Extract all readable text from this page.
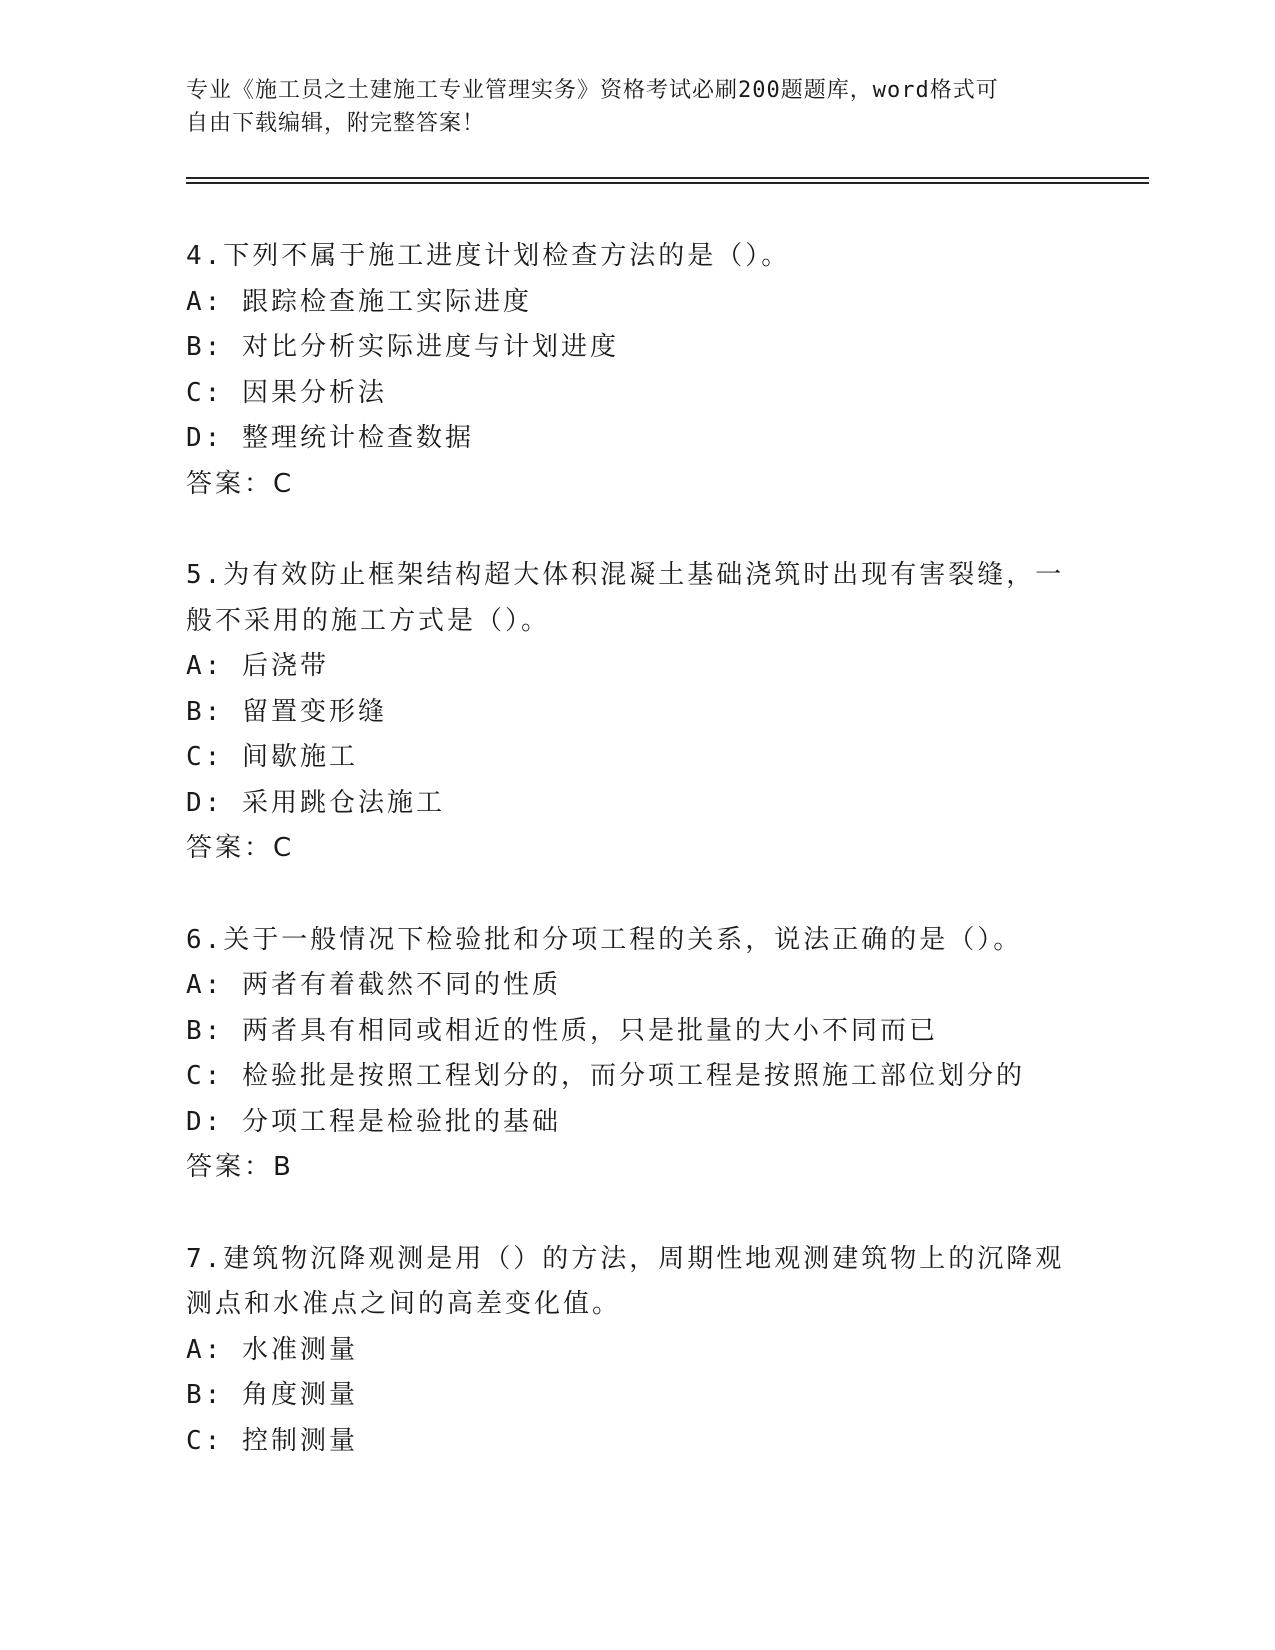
专业《施工员之土建施工专业管理实务》资格考试必刷200题题库，word格式可
自由下载编辑，附完整答案！
4.下列不属于施工进度计划检查方法的是（）。
A: 跟踪检查施工实际进度
B: 对比分析实际进度与计划进度
C: 因果分析法
D: 整理统计检查数据
答案：C
5.为有效防止框架结构超大体积混凝土基础浇筑时出现有害裂缝，一般不采用的施工方式是（）。
A: 后浇带
B: 留置变形缝
C: 间歇施工
D: 采用跳仓法施工
答案：C
6.关于一般情况下检验批和分项工程的关系，说法正确的是（）。
A: 两者有着截然不同的性质
B: 两者具有相同或相近的性质，只是批量的大小不同而已
C: 检验批是按照工程划分的，而分项工程是按照施工部位划分的
D: 分项工程是检验批的基础
答案：B
7.建筑物沉降观测是用（）的方法，周期性地观测建筑物上的沉降观测点和水准点之间的高差变化值。
A: 水准测量
B: 角度测量
C: 控制测量
